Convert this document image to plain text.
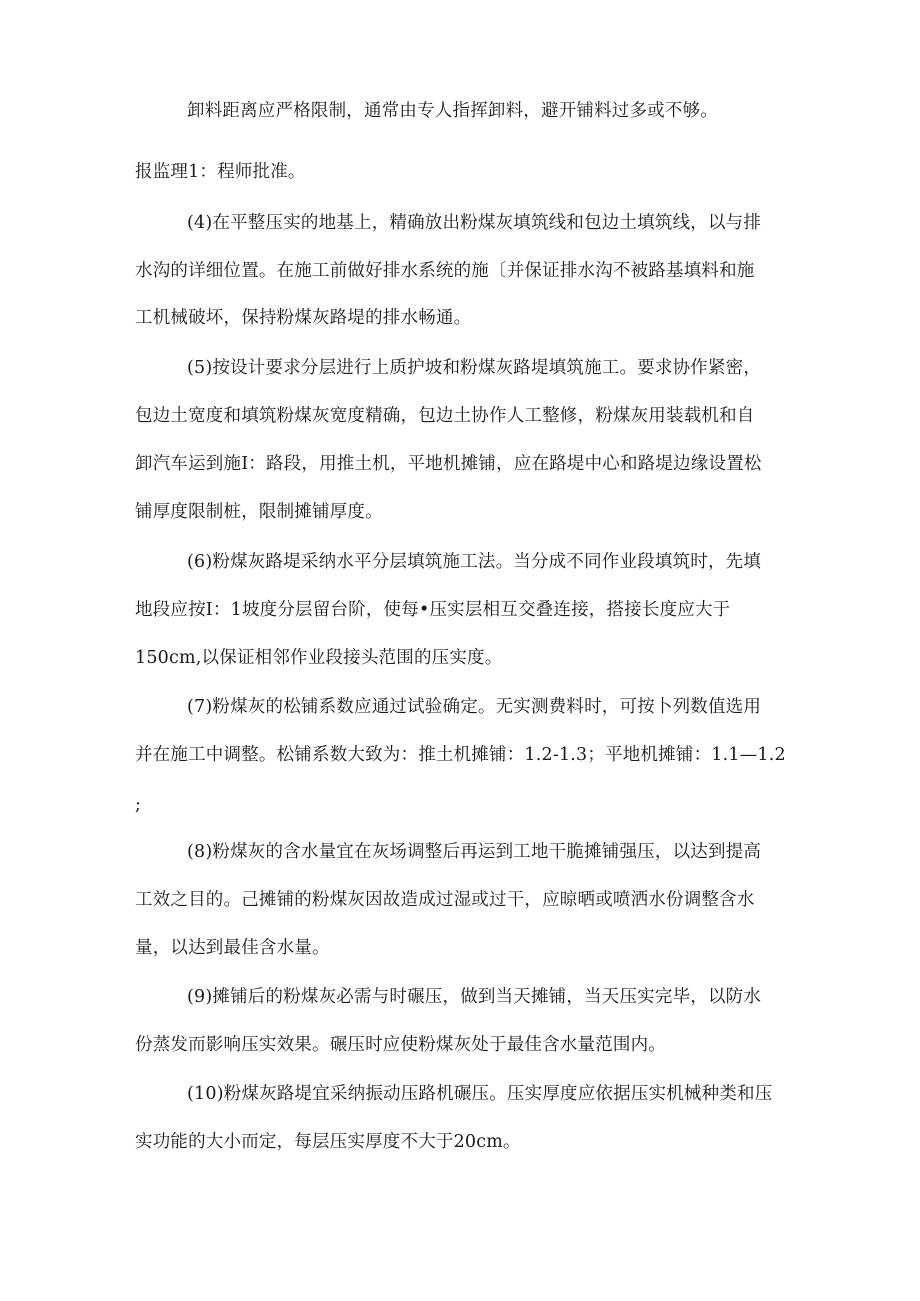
卸料距离应严格限制，通常由专人指挥卸料，避开铺料过多或不够。
报监理1：程师批准。
(4)在平整压实的地基上，精确放出粉煤灰填筑线和包边土填筑线，以与排
水沟的详细位置。在施工前做好排水系统的施〔并保证排水沟不被路基填料和施
工机械破坏，保持粉煤灰路堤的排水畅通。
(5)按设计要求分层进行上质护坡和粉煤灰路堤填筑施工。要求协作紧密，
包边土宽度和填筑粉煤灰宽度精确，包边土协作人工整修，粉煤灰用装载机和自
卸汽车运到施I：路段，用推土机，平地机摊铺，应在路堤中心和路堤边缘设置松
铺厚度限制桩，限制摊铺厚度。
(6)粉煤灰路堤采纳水平分层填筑施工法。当分成不同作业段填筑时，先填
地段应按I：1坡度分层留台阶，使每•压实层相互交叠连接，搭接长度应大于
150cm,以保证相邻作业段接头范围的压实度。
(7)粉煤灰的松铺系数应通过试验确定。无实测费料时，可按卜列数值选用
并在施工中调整。松铺系数大致为：推土机摊铺：1.2-1.3；平地机摊铺：1.1—1.2
;
(8)粉煤灰的含水量宜在灰场调整后再运到工地干脆摊铺强压，以达到提高
工效之目的。己摊铺的粉煤灰因故造成过湿或过干，应晾晒或喷洒水份调整含水
量，以达到最佳含水量。
(9)摊铺后的粉煤灰必需与时碾压，做到当天摊铺，当天压实完毕，以防水
份蒸发而影响压实效果。碾压时应使粉煤灰处于最佳含水量范围内。
(10)粉煤灰路堤宜采纳振动压路机碾压。压实厚度应依据压实机械种类和压
实功能的大小而定，每层压实厚度不大于20cm。
